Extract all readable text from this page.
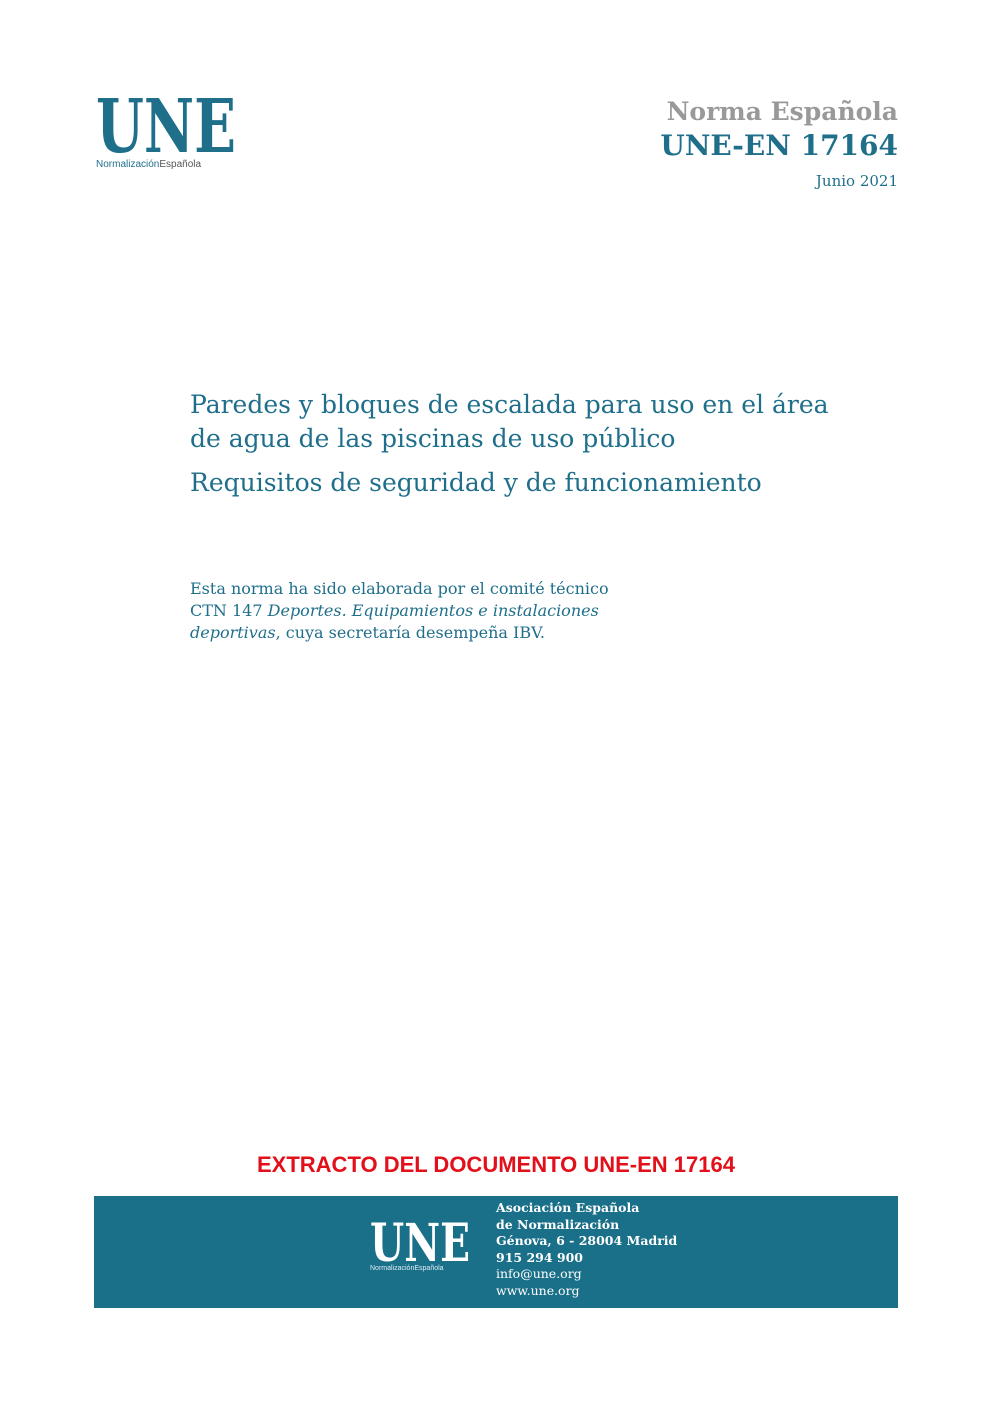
UNE
NormalizaciónEspañola
Norma Española
UNE-EN 17164
Junio 2021
Paredes y bloques de escalada para uso en el área
de agua de las piscinas de uso público
Requisitos de seguridad y de funcionamiento
Esta norma ha sido elaborada por el comité técnico
CTN 147 Deportes. Equipamientos e instalaciones
deportivas, cuya secretaría desempeña IBV.
EXTRACTO DEL DOCUMENTO UNE-EN 17164
UNE
NormalizaciónEspañola
Asociación Española
de Normalización
Génova, 6 - 28004 Madrid
915 294 900
info@une.org
www.une.org
